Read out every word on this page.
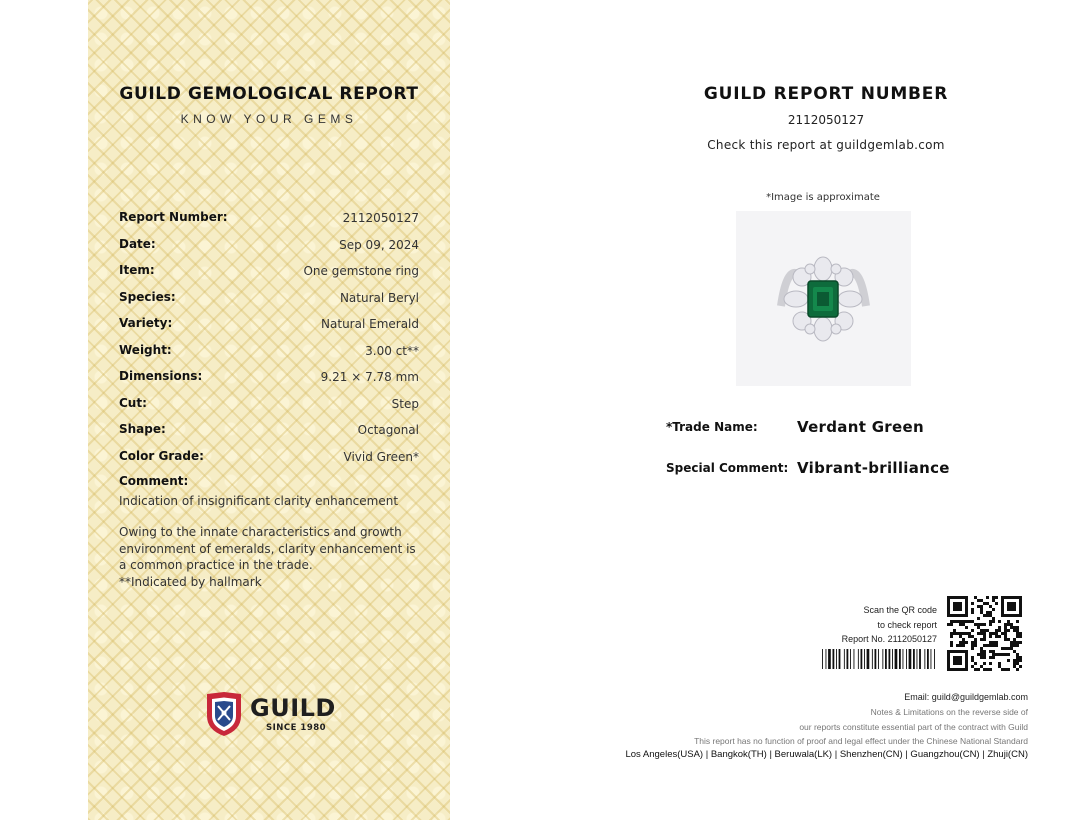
GUILD GEMOLOGICAL REPORT
KNOW YOUR GEMS
Report Number:	2112050127
Date:	Sep 09, 2024
Item:	One gemstone ring
Species:	Natural Beryl
Variety:	Natural Emerald
Weight:	3.00 ct**
Dimensions:	9.21 × 7.78 mm
Cut:	Step
Shape:	Octagonal
Color Grade:	Vivid Green*
Comment:
Indication of insignificant clarity enhancement
Owing to the innate characteristics and growth environment of emeralds, clarity enhancement is a common practice in the trade.
**Indicated by hallmark
GUILD
SINCE 1980
GUILD REPORT NUMBER
2112050127
Check this report at guildgemlab.com
*Image is approximate
*Trade Name:	Verdant Green
Special Comment: Vibrant-brilliance
Scan the QR code
to check report
Report No. 2112050127
Email: guild@guildgemlab.com
Notes & Limitations on the reverse side of
our reports constitute essential part of the contract with Guild
This report has no function of proof and legal effect under the Chinese National Standard
Los Angeles(USA) | Bangkok(TH) | Beruwala(LK) | Shenzhen(CN) | Guangzhou(CN) | Zhuji(CN)
